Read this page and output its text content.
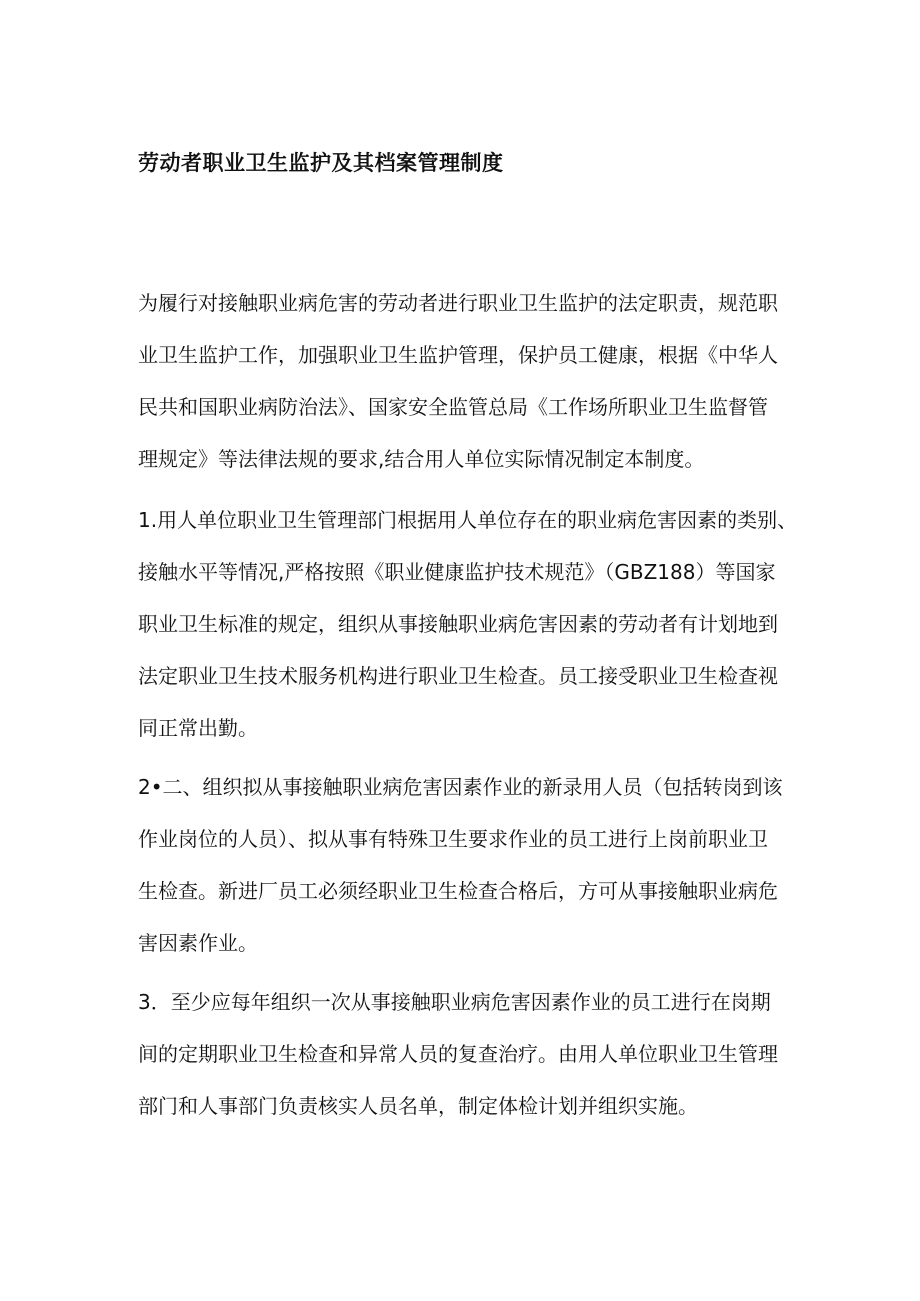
劳动者职业卫生监护及其档案管理制度

为履行对接触职业病危害的劳动者进行职业卫生监护的法定职责，规范职
业卫生监护工作，加强职业卫生监护管理，保护员工健康，根据《中华人
民共和国职业病防治法》、国家安全监管总局《工作场所职业卫生监督管
理规定》等法律法规的要求,结合用人单位实际情况制定本制度。

1.用人单位职业卫生管理部门根据用人单位存在的职业病危害因素的类别、
接触水平等情况,严格按照《职业健康监护技术规范》（GBZ188）等国家
职业卫生标准的规定，组织从事接触职业病危害因素的劳动者有计划地到
法定职业卫生技术服务机构进行职业卫生检查。员工接受职业卫生检查视
同正常出勤。

2•二、组织拟从事接触职业病危害因素作业的新录用人员（包括转岗到该
作业岗位的人员）、拟从事有特殊卫生要求作业的员工进行上岗前职业卫
生检查。新进厂员工必须经职业卫生检查合格后，方可从事接触职业病危
害因素作业。

3．至少应每年组织一次从事接触职业病危害因素作业的员工进行在岗期
间的定期职业卫生检查和异常人员的复查治疗。由用人单位职业卫生管理
部门和人事部门负责核实人员名单，制定体检计划并组织实施。
